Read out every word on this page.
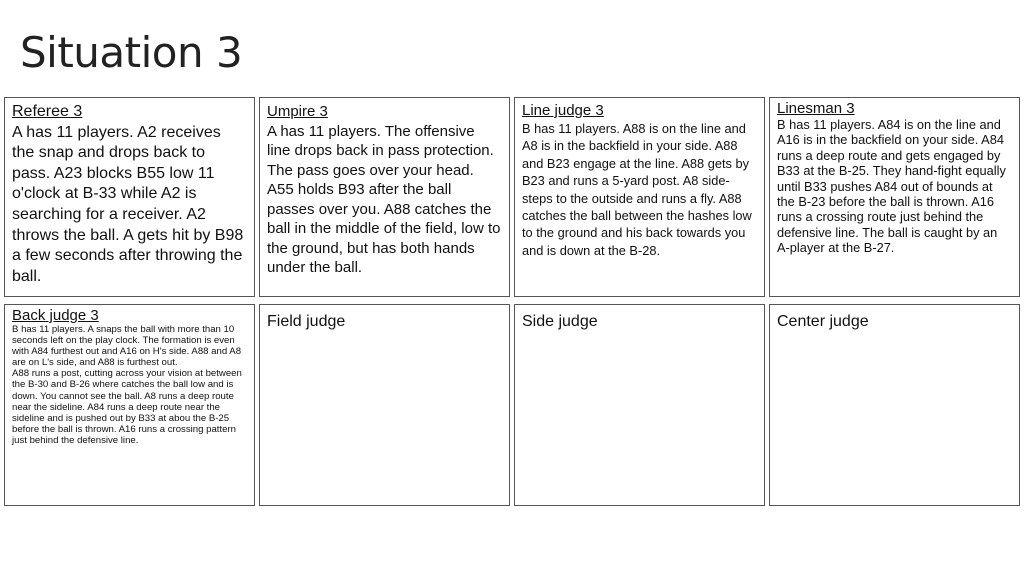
Situation 3
Referee 3
A has 11 players. A2 receives the snap and drops back to pass. A23 blocks B55 low 11 o'clock at B-33 while A2 is searching for a receiver. A2 throws the ball. A gets hit by B98 a few seconds after throwing the ball.
Umpire 3
A has 11 players. The offensive line drops back in pass protection. The pass goes over your head. A55 holds B93 after the ball passes over you. A88 catches the ball in the middle of the field, low to the ground, but has both hands under the ball.
Line judge 3
B has 11 players. A88 is on the line and A8 is in the backfield in your side. A88 and B23 engage at the line. A88 gets by B23 and runs a 5-yard post. A8 side-steps to the outside and runs a fly. A88 catches the ball between the hashes low to the ground and his back towards you and is down at the B-28.
Linesman 3
B has 11 players. A84 is on the line and A16 is in the backfield on your side. A84 runs a deep route and gets engaged by B33 at the B-25. They hand-fight equally until B33 pushes A84 out of bounds at the B-23 before the ball is thrown. A16 runs a crossing route just behind the defensive line. The ball is caught by an A-player at the B-27.
Back judge 3
B has 11 players. A snaps the ball with more than 10 seconds left on the play clock. The formation is even with A84 furthest out and A16 on H's side. A88 and A8 are on L's side, and A88 is furthest out.
A88 runs a post, cutting across your vision at between the B-30 and B-26 where catches the ball low and is down. You cannot see the ball. A8 runs a deep route near the sideline. A84 runs a deep route near the sideline and is pushed out by B33 at abou the B-25 before the ball is thrown. A16 runs a crossing pattern just behind the defensive line.
Field judge	Side judge	Center judge
